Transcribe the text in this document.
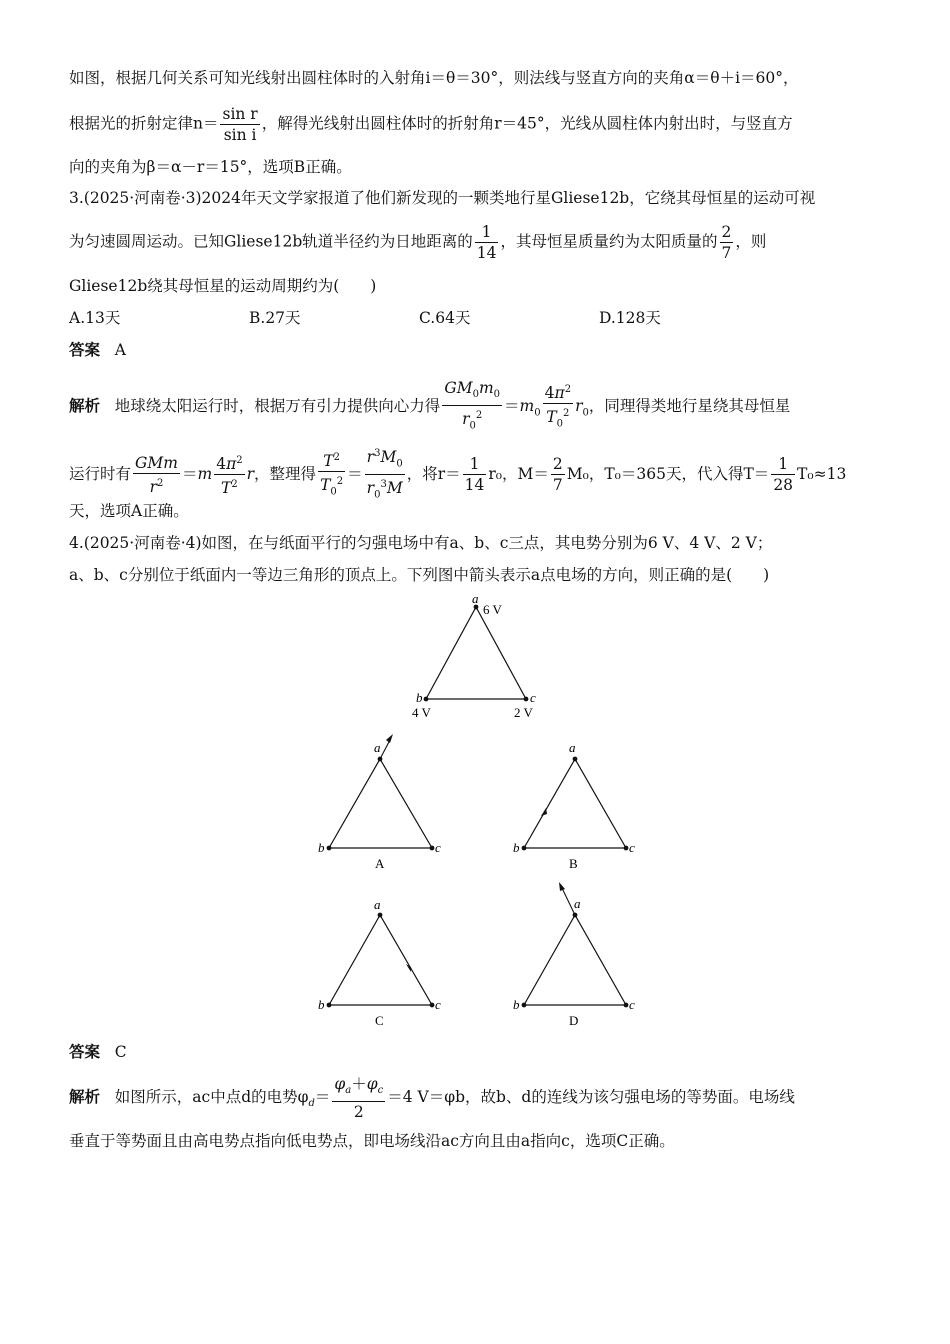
如图，根据几何关系可知光线射出圆柱体时的入射角i＝θ＝30°，则法线与竖直方向的夹角α＝θ＋i＝60°，
根据光的折射定律$n= \frac{\text{sin r}}{\text{sin i}}$ ，解得光线射出圆柱体时的折射角r＝45°，光线从圆柱体内射出时，与竖直方
向的夹角为β＝α－r＝15°，选项B正确。
3.(2025·河南卷·3)2024年天文学家报道了他们新发现的一颗类地行星Gliese12b，它绕其母恒星的运动可视
为匀速圆周运动。已知Gliese12b轨道半径约为日地距离的 $\frac{1}{14}$ ，其母恒星质量约为太阳质量的 $\frac{2}{7}$ ，则
Gliese12b绕其母恒星的运动周期约为(　　)
A.13天	B.27天	C.64天	D.128天
答案 A
解析 地球绕太阳运行时，根据万有引力提供向心力得 $\frac{GM_0m_0}{r_0^2} =m_0 \frac{4\pi^2}{T_0^2} r_0$，同理得类地行星绕其母恒星
运行时有 $\frac{\text{GMm}}{r^2} =m \frac{4\pi^2}{T^2}$ r，整理得 $\frac{T^2}{T_0^2} = \frac{r^3M_0}{r_0^3M}$ ，将$r= \frac{1}{14} r_0$，$M= \frac{2}{7} M_0$，T₀＝365天，代入得$T= \frac{1}{28} T_0\approx 13$
天，选项A正确。
4.(2025·河南卷·4)如图，在与纸面平行的匀强电场中有a、b、c三点，其电势分别为6 V、4 V、2 V；
a、b、c分别位于纸面内一等边三角形的顶点上。下列图中箭头表示a点电场的方向，则正确的是(　　)
a
6 V
b	c
4 V	2 V
a
b	c
A
a
b	c
B
a
b	c
C
a
b	c
D
答案 C
解析 如图所示，ac中点d的电势$\varphi_d= \frac{\varphi_a+\varphi_c}{2} =4$ V＝φb，故b、d的连线为该匀强电场的等势面。电场线
垂直于等势面且由高电势点指向低电势点，即电场线沿ac方向且由a指向c，选项C正确。
